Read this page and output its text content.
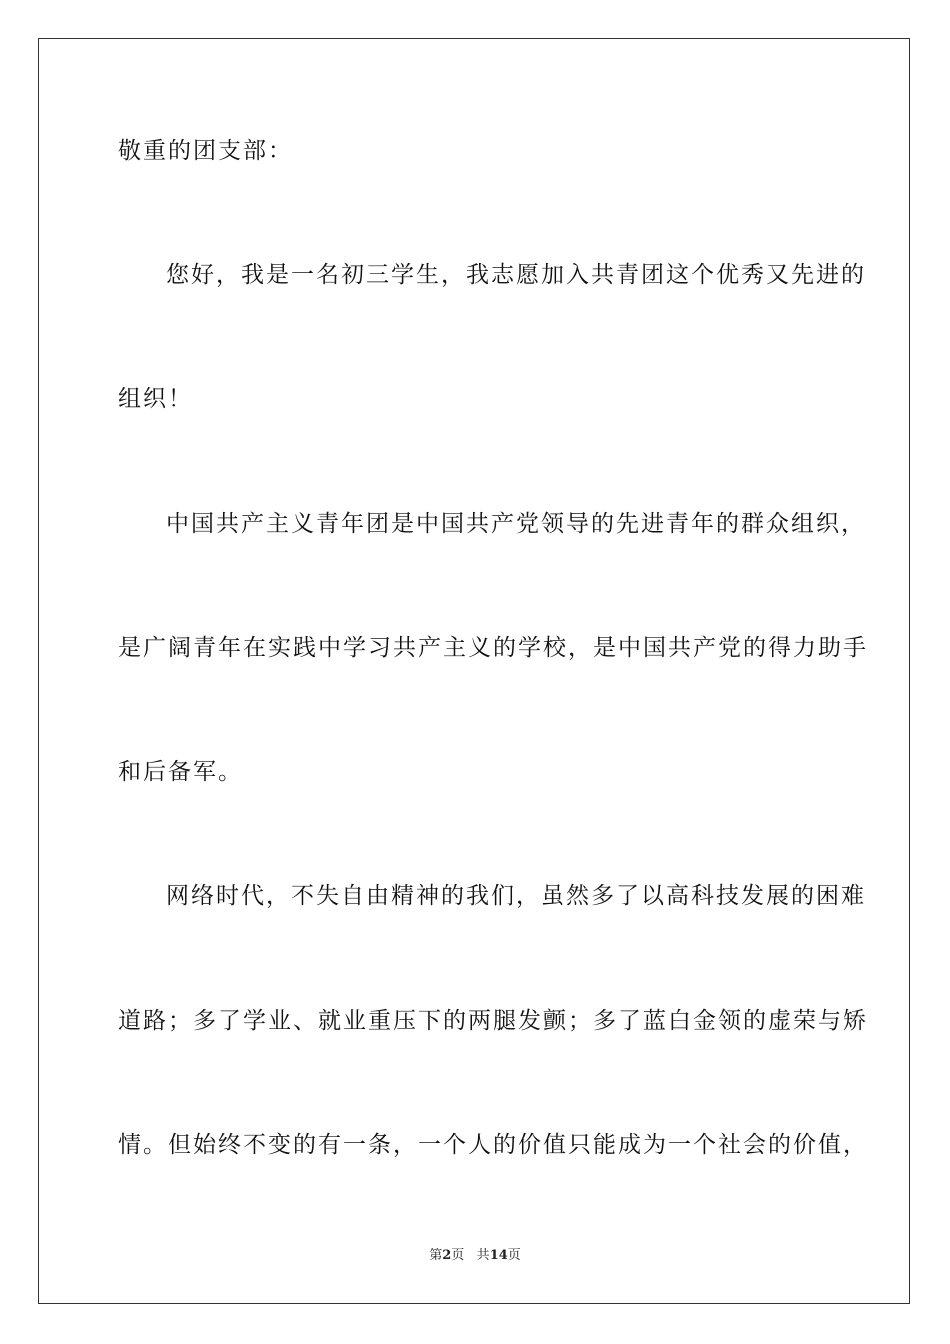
敬重的团支部：
您好，我是一名初三学生，我志愿加入共青团这个优秀又先进的
组织！
中国共产主义青年团是中国共产党领导的先进青年的群众组织，
是广阔青年在实践中学习共产主义的学校，是中国共产党的得力助手
和后备军。
网络时代，不失自由精神的我们，虽然多了以高科技发展的困难
道路；多了学业、就业重压下的两腿发颤；多了蓝白金领的虚荣与矫
情。但始终不变的有一条，一个人的价值只能成为一个社会的价值，
第2页 共14页
